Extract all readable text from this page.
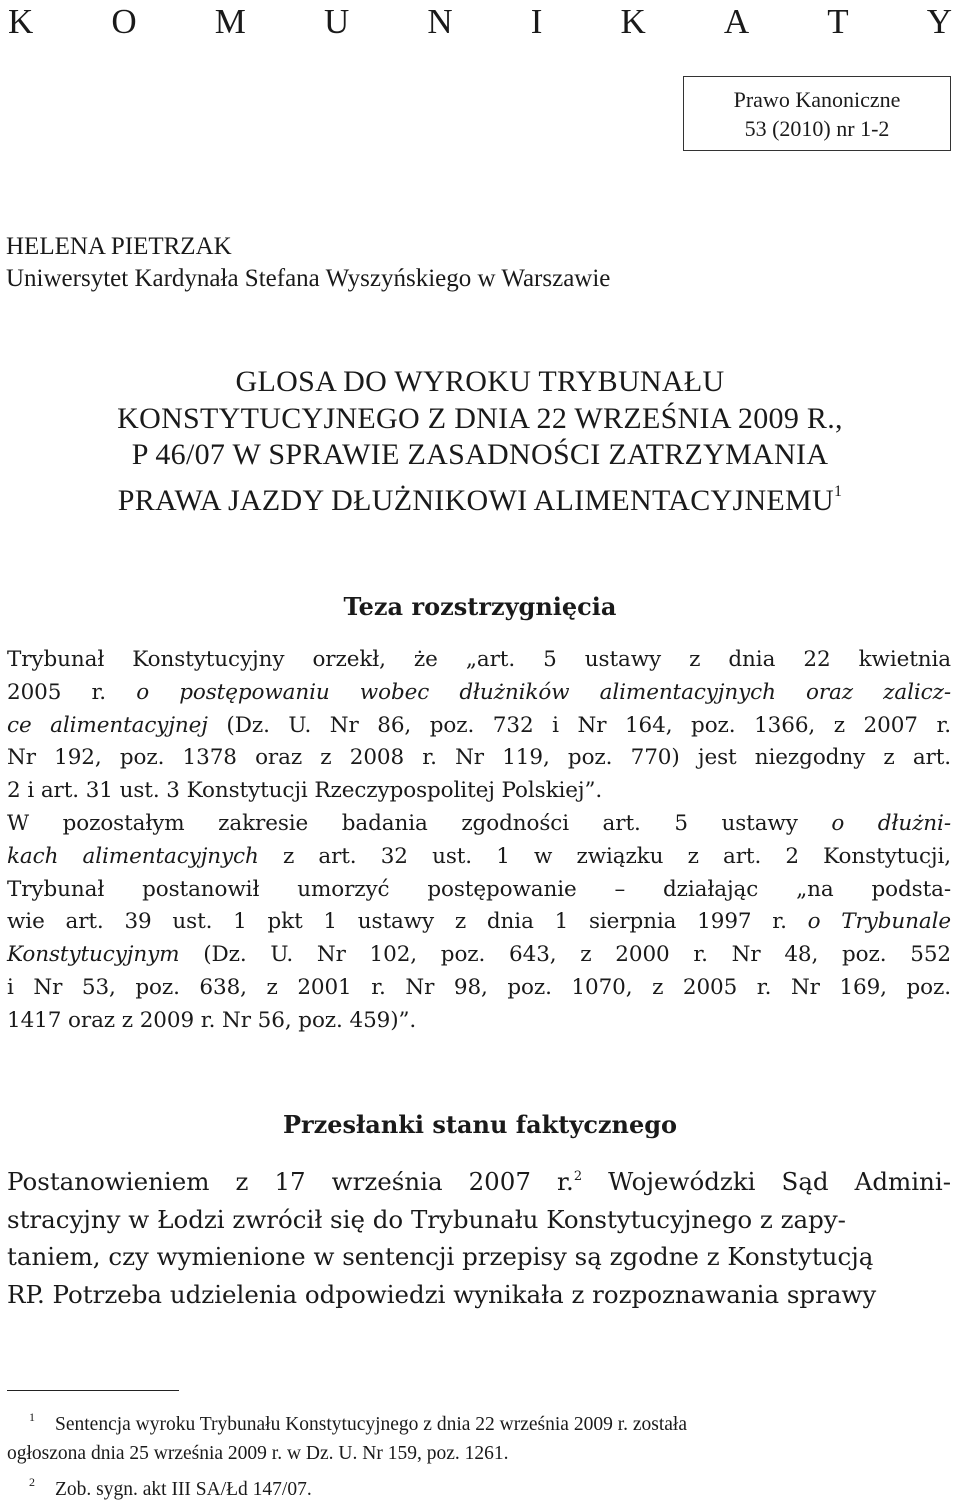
K O M U N I K A T Y
Prawo Kanoniczne
53 (2010) nr 1-2
HELENA PIETRZAK
Uniwersytet Kardynała Stefana Wyszyńskiego w Warszawie
GLOSA DO WYROKU TRYBUNAŁU
KONSTYTUCYJNEGO Z DNIA 22 WRZEŚNIA 2009 R.,
P 46/07 W SPRAWIE ZASADNOŚCI ZATRZYMANIA
PRAWA JAZDY DŁUŻNIKOWI ALIMENTACYJNEMU$^1$
Teza rozstrzygnięcia
Trybunał Konstytucyjny orzekł, że „art. 5 ustawy z dnia 22 kwietnia
2005 r. o postępowaniu wobec dłużników alimentacyjnych oraz zalicz-
ce alimentacyjnej (Dz. U. Nr 86, poz. 732 i Nr 164, poz. 1366, z 2007 r.
Nr 192, poz. 1378 oraz z 2008 r. Nr 119, poz. 770) jest niezgodny z art.
2 i art. 31 ust. 3 Konstytucji Rzeczypospolitej Polskiej”.
W pozostałym zakresie badania zgodności art. 5 ustawy o dłużni-
kach alimentacyjnych z art. 32 ust. 1 w związku z art. 2 Konstytucji,
Trybunał postanowił umorzyć postępowanie – działając „na podsta-
wie art. 39 ust. 1 pkt 1 ustawy z dnia 1 sierpnia 1997 r. o Trybunale
Konstytucyjnym (Dz. U. Nr 102, poz. 643, z 2000 r. Nr 48, poz. 552
i Nr 53, poz. 638, z 2001 r. Nr 98, poz. 1070, z 2005 r. Nr 169, poz.
1417 oraz z 2009 r. Nr 56, poz. 459)”.
Przesłanki stanu faktycznego
Postanowieniem z 17 września 2007 r.$^2$ Wojewódzki Sąd Admini-
stracyjny w Łodzi zwrócił się do Trybunału Konstytucyjnego z zapy-
taniem, czy wymienione w sentencji przepisy są zgodne z Konstytucją
RP. Potrzeba udzielenia odpowiedzi wynikała z rozpoznawania sprawy
$^1$ Sentencja wyroku Trybunału Konstytucyjnego z dnia 22 września 2009 r. została
ogłoszona dnia 25 września 2009 r. w Dz. U. Nr 159, poz. 1261.
$^2$ Zob. sygn. akt III SA/Łd 147/07.
